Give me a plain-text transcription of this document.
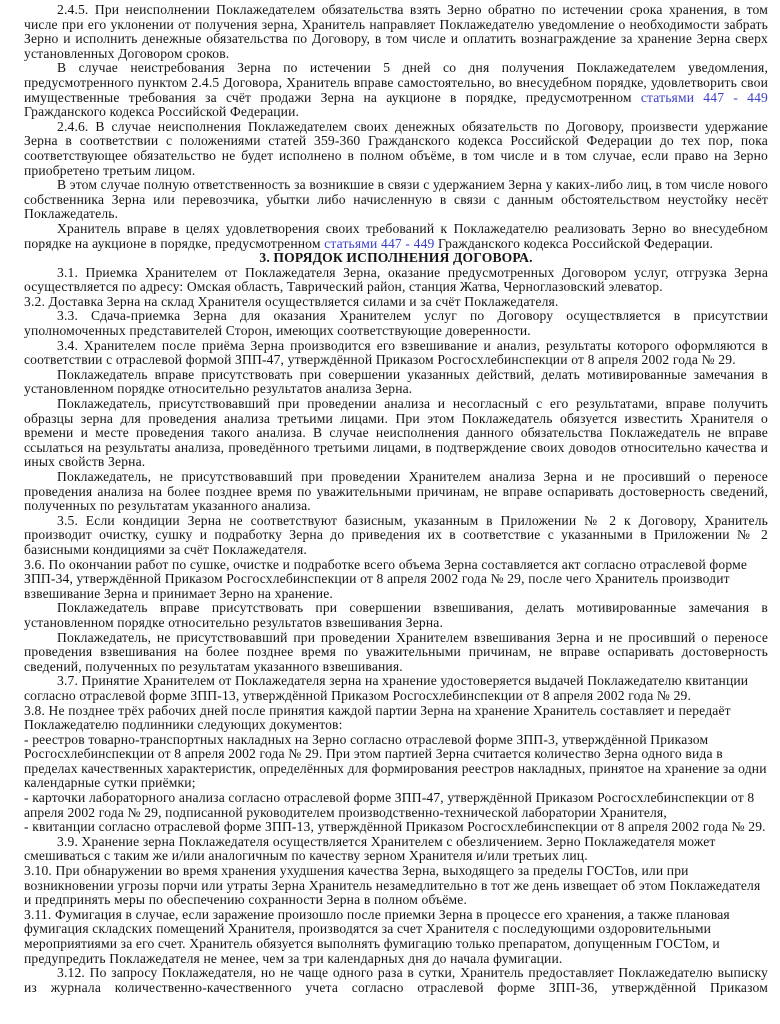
2.4.5. При неисполнении Поклажедателем обязательства взять Зерно обратно по истечении срока хранения, в том числе при его уклонении от получения зерна, Хранитель направляет Поклажедателю уведомление о необходимости забрать Зерно и исполнить денежные обязательства по Договору, в том числе и оплатить вознаграждение за хранение Зерна сверх установленных Договором сроков.

В случае неистребования Зерна по истечении 5 дней со дня получения Поклажедателем уведомления, предусмотренного пунктом 2.4.5 Договора, Хранитель вправе самостоятельно, во внесудебном порядке, удовлетворить свои имущественные требования за счёт продажи Зерна на аукционе в порядке, предусмотренном статьями 447 - 449 Гражданского кодекса Российской Федерации.

2.4.6. В случае неисполнения Поклажедателем своих денежных обязательств по Договору, произвести удержание Зерна в соответствии с положениями статей 359-360 Гражданского кодекса Российской Федерации до тех пор, пока соответствующее обязательство не будет исполнено в полном объёме, в том числе и в том случае, если право на Зерно приобретено третьим лицом.

В этом случае полную ответственность за возникшие в связи с удержанием Зерна у каких-либо лиц, в том числе нового собственника Зерна или перевозчика, убытки либо начисленную в связи с данным обстоятельством неустойку несёт Поклажедатель.

Хранитель вправе в целях удовлетворения своих требований к Поклажедателю реализовать Зерно во внесудебном порядке на аукционе в порядке, предусмотренном статьями 447 - 449 Гражданского кодекса Российской Федерации.

3. ПОРЯДОК ИСПОЛНЕНИЯ ДОГОВОРА.

3.1. Приемка Хранителем от Поклажедателя Зерна, оказание предусмотренных Договором услуг, отгрузка Зерна осуществляется по адресу: Омская область, Таврический район, станция Жатва, Черноглазовский элеватор.

3.2. Доставка Зерна на склад Хранителя осуществляется силами и за счёт Поклажедателя.

3.3. Сдача-приемка Зерна для оказания Хранителем услуг по Договору осуществляется в присутствии уполномоченных представителей Сторон, имеющих соответствующие доверенности.

3.4. Хранителем после приёма Зерна производится его взвешивание и анализ, результаты которого оформляются в соответствии с отраслевой формой ЗПП-47, утверждённой Приказом Росгосхлебинспекции от 8 апреля 2002 года № 29.

Поклажедатель вправе присутствовать при совершении указанных действий, делать мотивированные замечания в установленном порядке относительно результатов анализа Зерна.

Поклажедатель, присутствовавший при проведении анализа и несогласный с его результатами, вправе получить образцы зерна для проведения анализа третьими лицами. При этом Поклажедатель обязуется известить Хранителя о времени и месте проведения такого анализа. В случае неисполнения данного обязательства Поклажедатель не вправе ссылаться на результаты анализа, проведённого третьими лицами, в подтверждение своих доводов относительно качества и иных свойств Зерна.

Поклажедатель, не присутствовавший при проведении Хранителем анализа Зерна и не просивший о переносе проведения анализа на более позднее время по уважительными причинам, не вправе оспаривать достоверность сведений, полученных по результатам указанного анализа.

3.5. Если кондиции Зерна не соответствуют базисным, указанным в Приложении № 2 к Договору, Хранитель производит очистку, сушку и подработку Зерна до приведения их в соответствие с указанными в Приложении № 2 базисными кондициями за счёт Поклажедателя.

3.6. По окончании работ по сушке, очистке и подработке всего объема Зерна составляется акт согласно отраслевой форме ЗПП-34, утверждённой Приказом Росгосхлебинспекции от 8 апреля 2002 года № 29, после чего Хранитель производит взвешивание Зерна и принимает Зерно на хранение.

Поклажедатель вправе присутствовать при совершении взвешивания, делать мотивированные замечания в установленном порядке относительно результатов взвешивания Зерна.

Поклажедатель, не присутствовавший при проведении Хранителем взвешивания Зерна и не просивший о переносе проведения взвешивания на более позднее время по уважительными причинам, не вправе оспаривать достоверность сведений, полученных по результатам указанного взвешивания.

3.7. Принятие Хранителем от Поклажедателя зерна на хранение удостоверяется выдачей Поклажедателю квитанции согласно отраслевой форме ЗПП-13, утверждённой Приказом Росгосхлебинспекции от 8 апреля 2002 года № 29.

3.8. Не позднее трёх рабочих дней после принятия каждой партии Зерна на хранение Хранитель составляет и передаёт Поклажедателю подлинники следующих документов:

- реестров товарно-транспортных накладных на Зерно согласно отраслевой форме ЗПП-3, утверждённой Приказом Росгосхлебинспекции от 8 апреля 2002 года № 29. При этом партией Зерна считается количество Зерна одного вида в пределах качественных характеристик, определённых для формирования реестров накладных, принятое на хранение за одни календарные сутки приёмки;

- карточки лабораторного анализа согласно отраслевой форме ЗПП-47, утверждённой Приказом Росгосхлебинспекции от 8 апреля 2002 года № 29, подписанной руководителем производственно-технической лаборатории Хранителя,

- квитанции согласно отраслевой форме ЗПП-13, утверждённой Приказом Росгосхлебинспекции от 8 апреля 2002 года № 29.

3.9. Хранение зерна Поклажедателя осуществляется Хранителем с обезличением. Зерно Поклажедателя может смешиваться с таким же и/или аналогичным по качеству зерном Хранителя и/или третьих лиц.

3.10. При обнаружении во время хранения ухудшения качества Зерна, выходящего за пределы ГОСТов, или при возникновении угрозы порчи или утраты Зерна Хранитель незамедлительно в тот же день извещает об этом Поклажедателя и предпринять меры по обеспечению сохранности Зерна в полном объёме.

3.11. Фумигация в случае, если заражение произошло после приемки Зерна в процессе его хранения, а также плановая фумигация складских помещений Хранителя, производятся за счет Хранителя с последующими оздоровительными мероприятиями за его счет. Хранитель обязуется выполнять фумигацию только препаратом, допущенным ГОСТом, и предупредить Поклажедателя не менее, чем за три календарных дня до начала фумигации.

3.12. По запросу Поклажедателя, но не чаще одного раза в сутки, Хранитель предоставляет Поклажедателю выписку из журнала количественно-качественного учета согласно отраслевой форме ЗПП-36, утверждённой Приказом
